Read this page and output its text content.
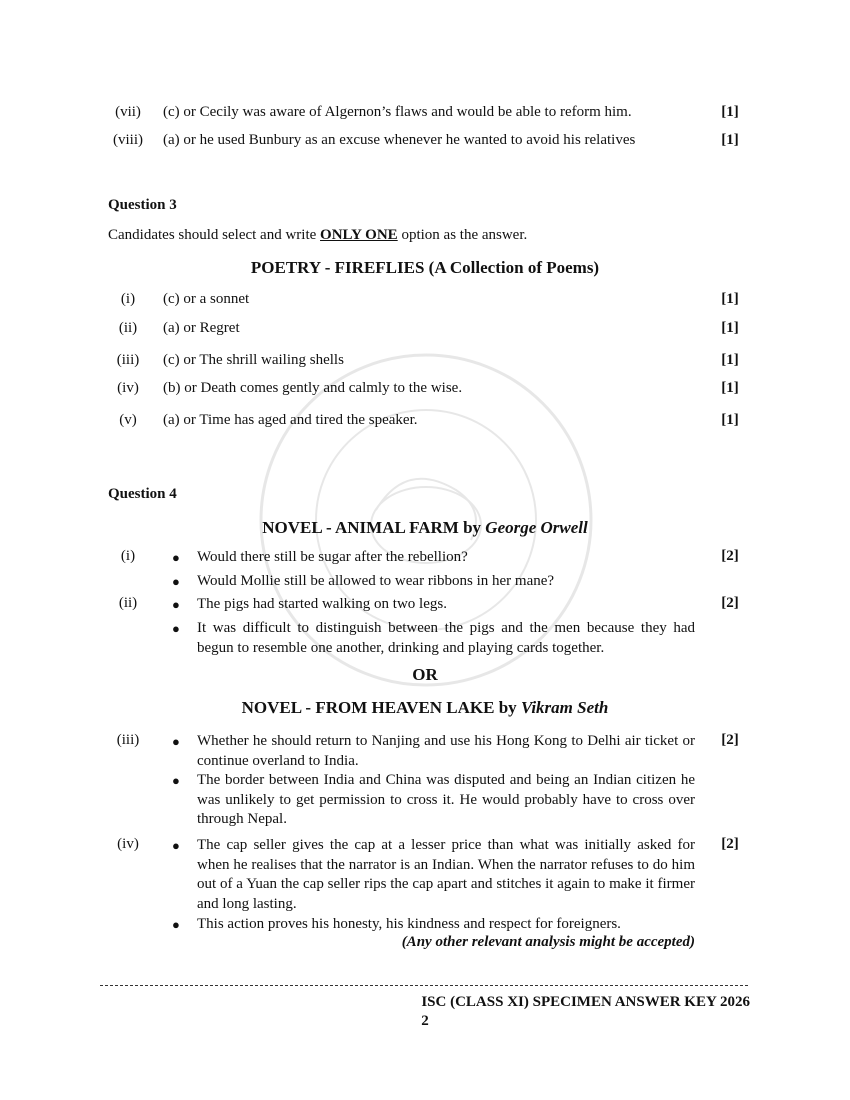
(vii)	(c) or Cecily was aware of Algernon’s flaws and would be able to reform him.	[1]
(viii)	(a) or he used Bunbury as an excuse whenever he wanted to avoid his relatives	[1]
Question 3
Candidates should select and write ONLY ONE option as the answer.
POETRY - FIREFLIES (A Collection of Poems)
(i)	(c) or a sonnet	[1]
(ii)	(a) or Regret	[1]
(iii)	(c) or The shrill wailing shells	[1]
(iv)	(b) or Death comes gently and calmly to the wise.	[1]
(v)	(a) or Time has aged and tired the speaker.	[1]
Question 4
NOVEL - ANIMAL FARM by George Orwell
(i)	● Would there still be sugar after the rebellion?
● Would Mollie still be allowed to wear ribbons in her mane?
[2]
(ii)	● The pigs had started walking on two legs.
● It was difficult to distinguish between the pigs and the men because they had begun to resemble one another, drinking and playing cards together.
[2]
OR
NOVEL - FROM HEAVEN LAKE by Vikram Seth
(iii)	● Whether he should return to Nanjing and use his Hong Kong to Delhi air ticket or continue overland to India.
● The border between India and China was disputed and being an Indian citizen he was unlikely to get permission to cross it. He would probably have to cross over through Nepal.
[2]
(iv)	● The cap seller gives the cap at a lesser price than what was initially asked for when he realises that the narrator is an Indian. When the narrator refuses to do him out of a Yuan the cap seller rips the cap apart and stitches it again to make it firmer and long lasting.
● This action proves his honesty, his kindness and respect for foreigners.
[2]
(Any other relevant analysis might be accepted)
ISC (CLASS XI) SPECIMEN ANSWER KEY 2026
2
